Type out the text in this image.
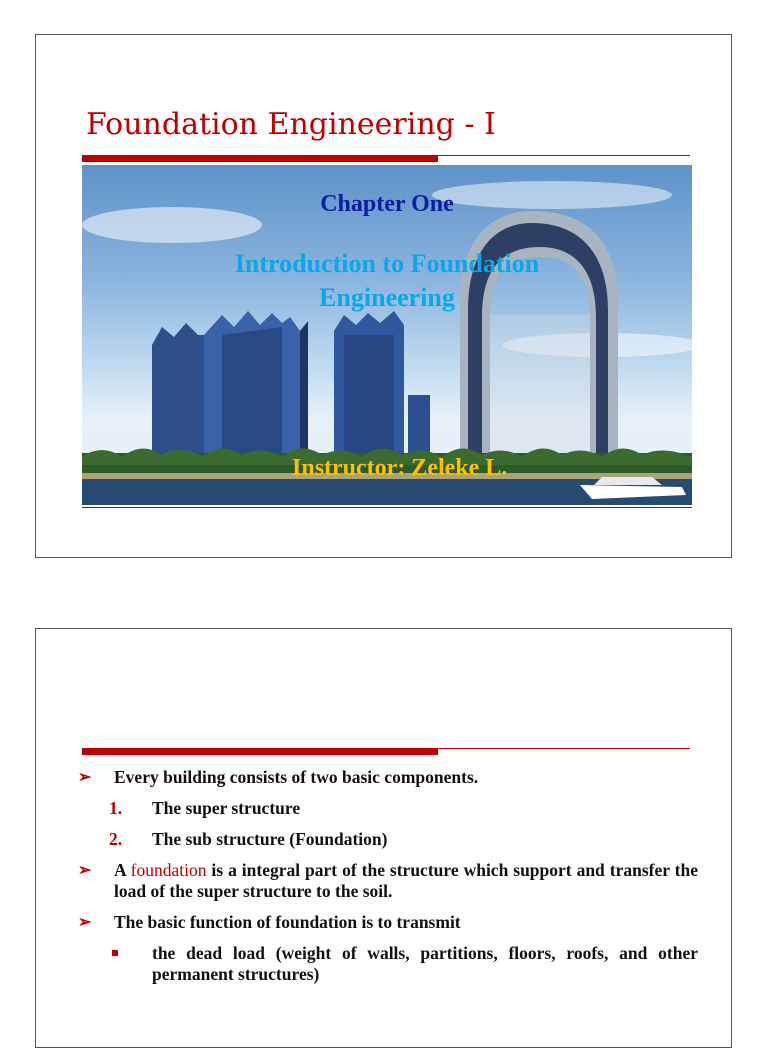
Foundation Engineering - I
Chapter One
Introduction to Foundation
Engineering
Instructor: Zeleke L.
➢ Every building consists of two basic components.
1. The super structure
2. The sub structure (Foundation)
➢ A foundation is a integral part of the structure which support and transfer the load of the super structure to the soil.
➢ The basic function of foundation is to transmit
the dead load (weight of walls, partitions, floors, roofs, and other permanent structures)
